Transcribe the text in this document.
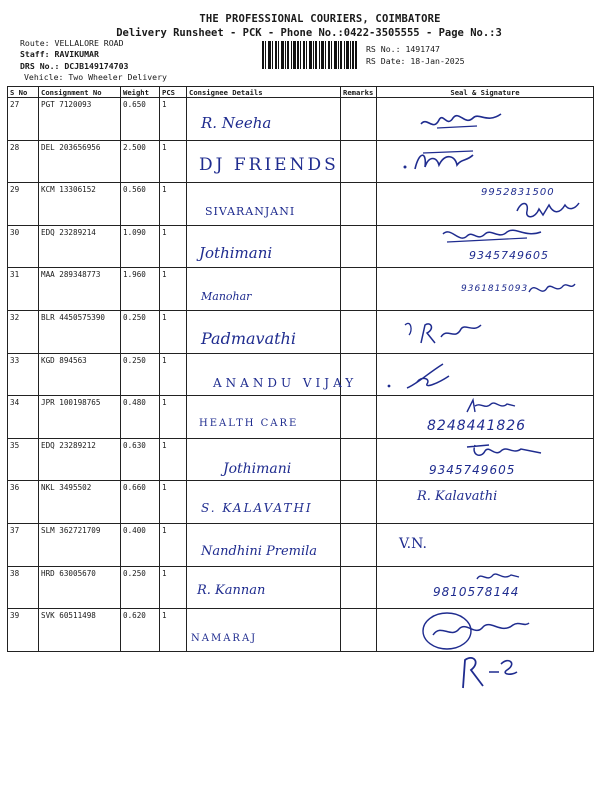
THE PROFESSIONAL COURIERS, COIMBATORE
Delivery Runsheet - PCK - Phone No.:0422-3505555 - Page No.:3
Route: VELLALORE ROAD
Staff: RAVIKUMAR
DRS No.: DCJB149174703
Vehicle: Two Wheeler Delivery
RS No.: 1491747
RS Date: 18-Jan-2025
S No	Consignment No	Weight	PCS	Consignee Details	Remarks	Seal & Signature
27	PGT 7120093	0.650	1	R. Neeha

28	DEL 203656956	2.500	1	DJ FRIENDS

29	KCM 13306152	0.560	1	SIVARANJANI		9952831500

30	EDQ 23289214	1.090	1	Jothimani		9345749605

31	MAA 289348773	1.960	1	Manohar		9361815093

32	BLR 4450575390	0.250	1	Padmavathi

33	KGD 894563	0.250	1	ANANDU VIJAY

34	JPR 100198765	0.480	1	HEALTH CARE		8248441826

35	EDQ 23289212	0.630	1	Jothimani		9345749605

36	NKL 3495502	0.660	1	S. KALAVATHI		R. Kalavathi

37	SLM 362721709	0.400	1	Nandhini Premila		V.N.

38	HRD 63005670	0.250	1	R. Kannan		9810578144

39	SVK 60511498	0.620	1	NAMARAJ
